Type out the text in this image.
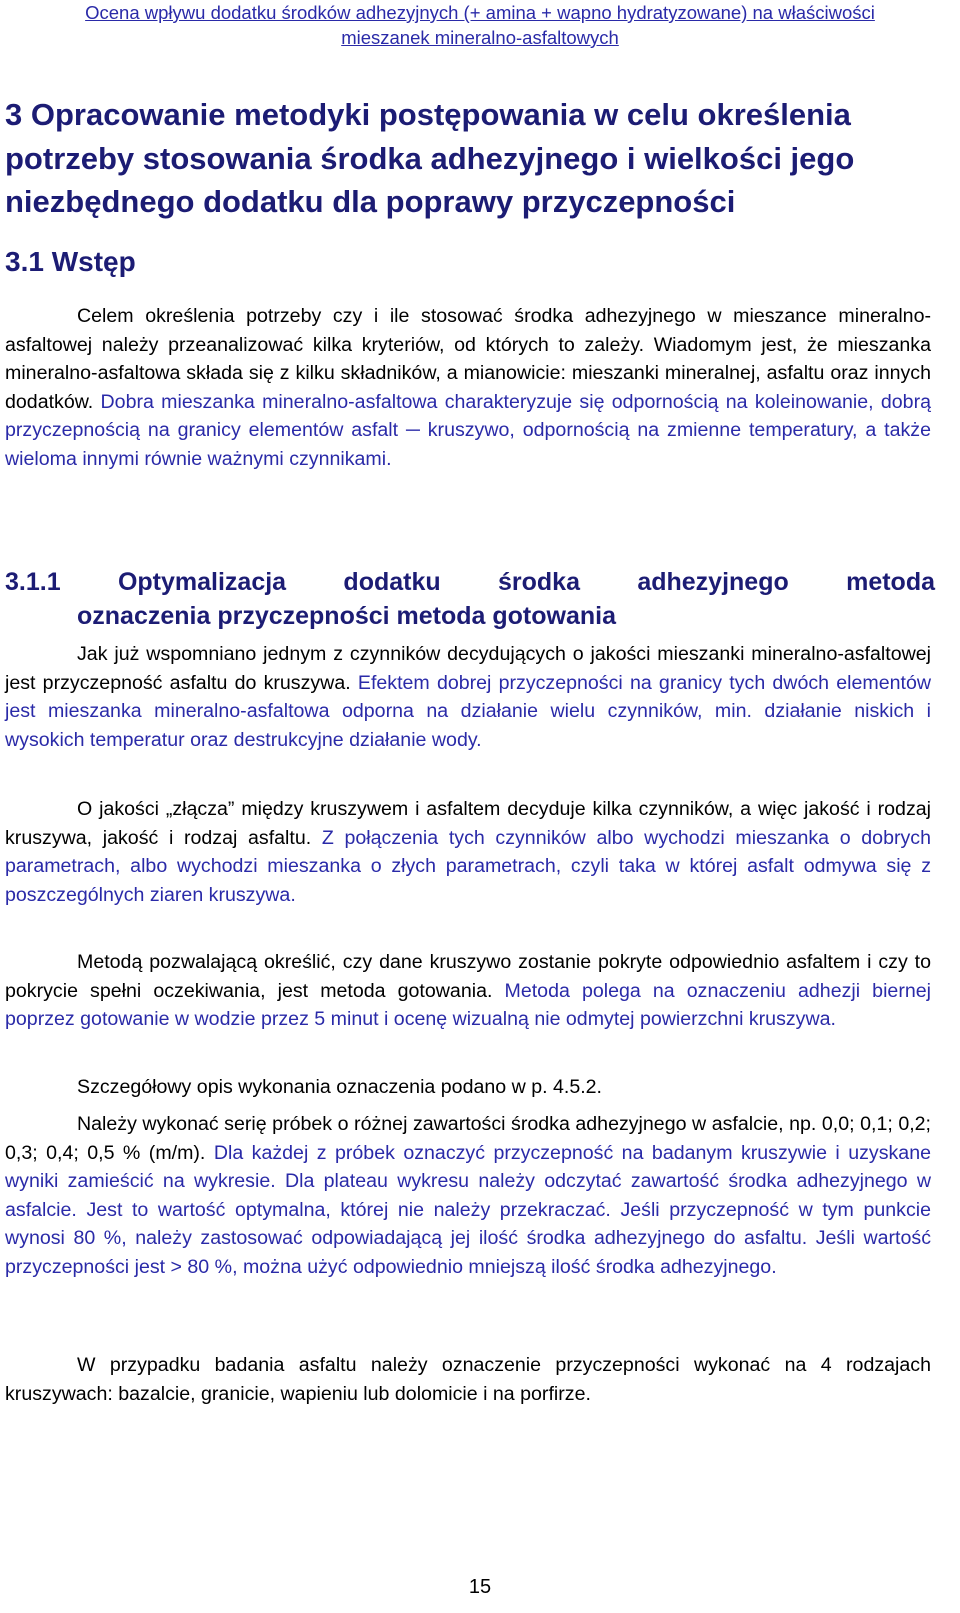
Ocena wpływu dodatku środków adhezyjnych (+ amina + wapno hydratyzowane) na właściwości
mieszanek mineralno-asfaltowych
3 Opracowanie metodyki postępowania w celu określenia potrzeby stosowania środka adhezyjnego i wielkości jego niezbędnego dodatku dla poprawy przyczepności
3.1 Wstęp

Celem określenia potrzeby czy i ile stosować środka adhezyjnego w mieszance mineralno-asfaltowej należy przeanalizować kilka kryteriów, od których to zależy. Wiadomym jest, że mieszanka mineralno-asfaltowa składa się z kilku składników, a mianowicie: mieszanki mineralnej, asfaltu oraz innych dodatków. Dobra mieszanka mineralno-asfaltowa charakteryzuje się odpornością na koleinowanie, dobrą przyczepnością na granicy elementów asfalt ─ kruszywo, odpornością na zmienne temperatury, a także wieloma innymi równie ważnymi czynnikami.

3.1.1 Optymalizacja dodatku środka adhezyjnego metoda
oznaczenia przyczepności metoda gotowania

Jak już wspomniano jednym z czynników decydujących o jakości mieszanki mineralno-asfaltowej jest przyczepność asfaltu do kruszywa. Efektem dobrej przyczepności na granicy tych dwóch elementów jest mieszanka mineralno-asfaltowa odporna na działanie wielu czynników, min. działanie niskich i wysokich temperatur oraz destrukcyjne działanie wody.

O jakości „złącza” między kruszywem i asfaltem decyduje kilka czynników, a więc jakość i rodzaj kruszywa, jakość i rodzaj asfaltu. Z połączenia tych czynników albo wychodzi mieszanka o dobrych parametrach, albo wychodzi mieszanka o złych parametrach, czyli taka w której asfalt odmywa się z poszczególnych ziaren kruszywa.

Metodą pozwalającą określić, czy dane kruszywo zostanie pokryte odpowiednio asfaltem i czy to pokrycie spełni oczekiwania, jest metoda gotowania. Metoda polega na oznaczeniu adhezji biernej poprzez gotowanie w wodzie przez 5 minut i ocenę wizualną nie odmytej powierzchni kruszywa.

Szczegółowy opis wykonania oznaczenia podano w p. 4.5.2.

Należy wykonać serię próbek o różnej zawartości środka adhezyjnego w asfalcie, np. 0,0; 0,1; 0,2; 0,3; 0,4; 0,5 % (m/m). Dla każdej z próbek oznaczyć przyczepność na badanym kruszywie i uzyskane wyniki zamieścić na wykresie. Dla plateau wykresu należy odczytać zawartość środka adhezyjnego w asfalcie. Jest to wartość optymalna, której nie należy przekraczać. Jeśli przyczepność w tym punkcie wynosi 80 %, należy zastosować odpowiadającą jej ilość środka adhezyjnego do asfaltu. Jeśli wartość przyczepności jest > 80 %, można użyć odpowiednio mniejszą ilość środka adhezyjnego.

W przypadku badania asfaltu należy oznaczenie przyczepności wykonać na 4 rodzajach kruszywach: bazalcie, granicie, wapieniu lub dolomicie i na porfirze.

15
